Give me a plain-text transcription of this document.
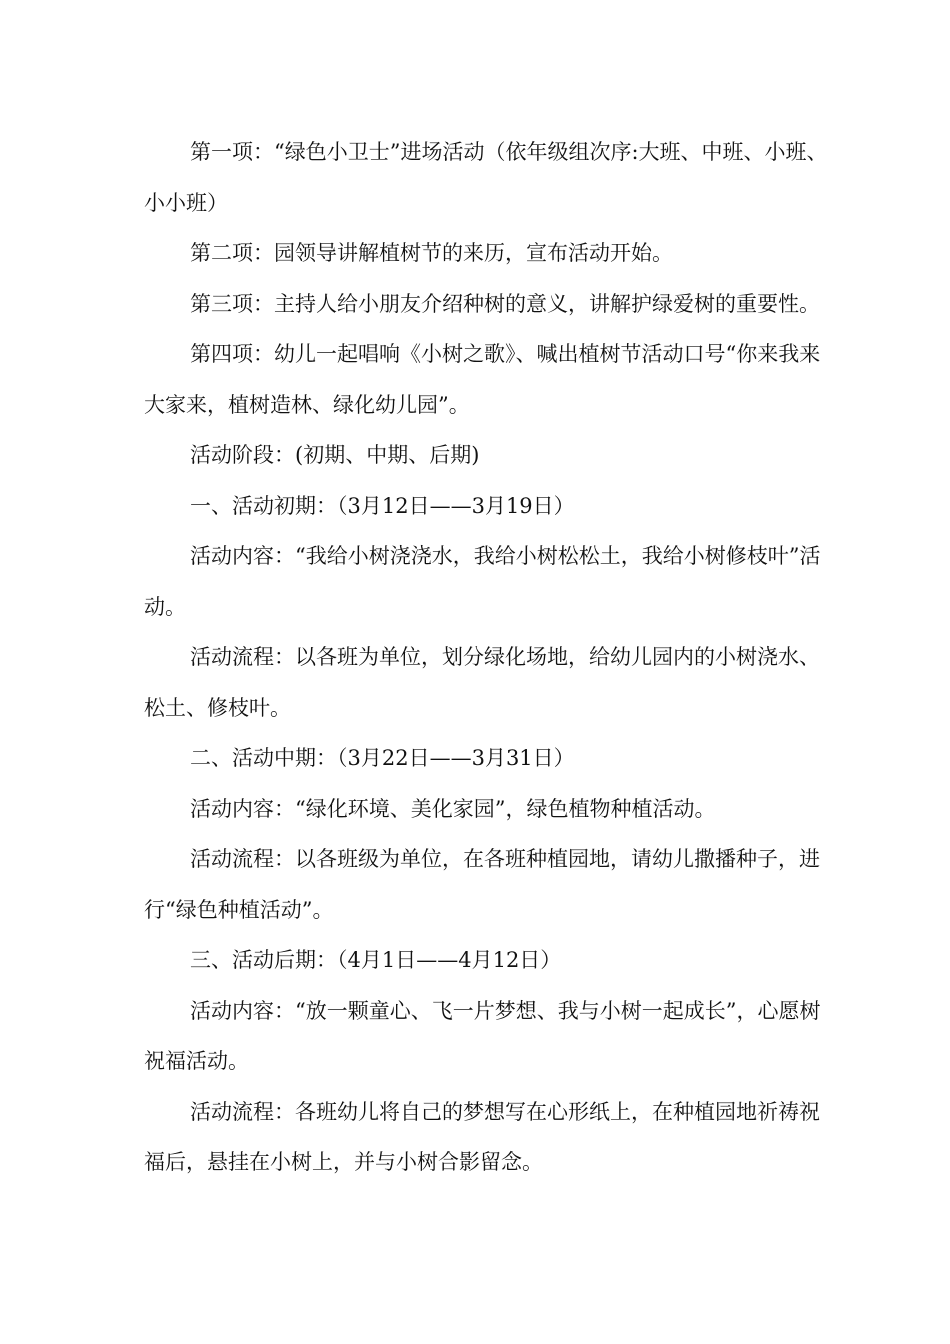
第一项：“绿色小卫士”进场活动（依年级组次序:大班、中班、小班、小小班）

第二项：园领导讲解植树节的来历，宣布活动开始。

第三项：主持人给小朋友介绍种树的意义，讲解护绿爱树的重要性。

第四项：幼儿一起唱响《小树之歌》、喊出植树节活动口号“你来我来大家来，植树造林、绿化幼儿园”。

活动阶段：(初期、中期、后期)

一、活动初期：（3月12日——3月19日）

活动内容：“我给小树浇浇水，我给小树松松土，我给小树修枝叶”活动。

活动流程：以各班为单位，划分绿化场地，给幼儿园内的小树浇水、松土、修枝叶。

二、活动中期：（3月22日——3月31日）

活动内容：“绿化环境、美化家园”，绿色植物种植活动。

活动流程：以各班级为单位，在各班种植园地，请幼儿撒播种子，进行“绿色种植活动”。

三、活动后期：（4月1日——4月12日）

活动内容：“放一颗童心、飞一片梦想、我与小树一起成长”，心愿树祝福活动。

活动流程：各班幼儿将自己的梦想写在心形纸上，在种植园地祈祷祝福后，悬挂在小树上，并与小树合影留念。
